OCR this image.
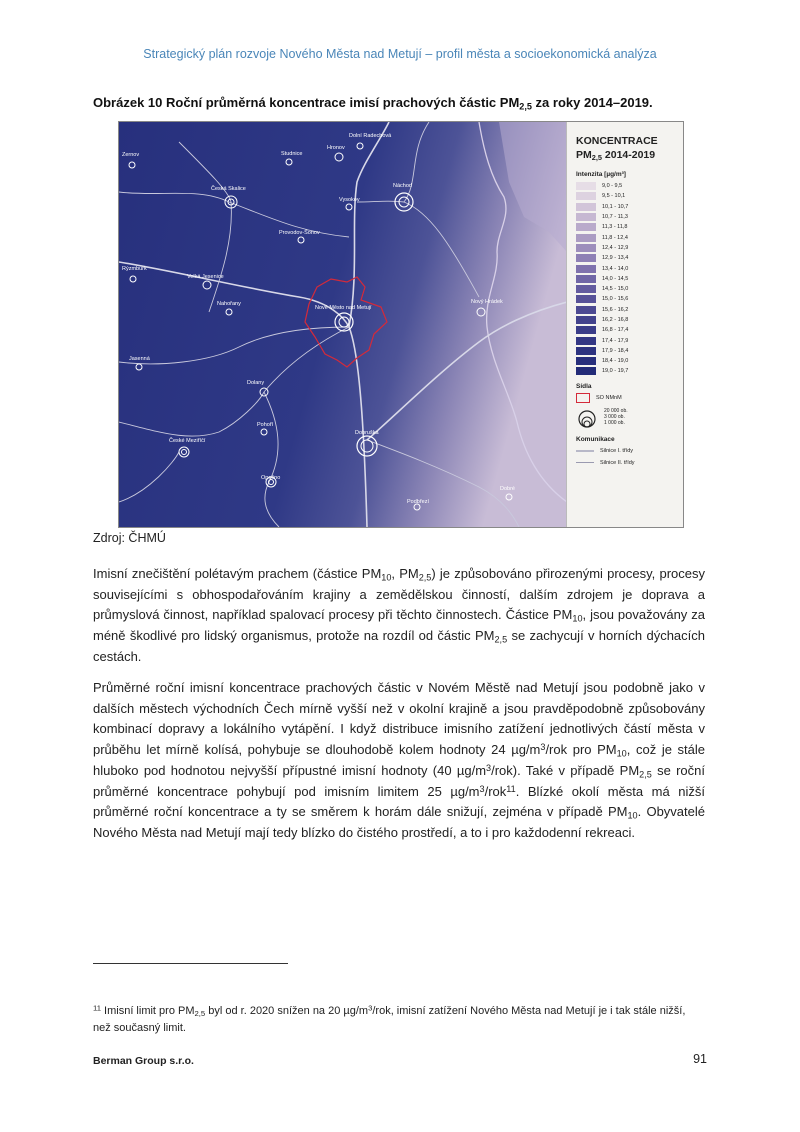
Strategický plán rozvoje Nového Města nad Metují – profil města a socioekonomická analýza
Obrázek 10 Roční průměrná koncentrace imisí prachových částic $PM_{2,5}$ za roky 2014–2019.
Dolní Radechová
Hronov
Zernov	Studnice
Česká Skalice	Náchod
Vysokov
Provodov-Šonov
Rýzmburk
Velká Jesenice
Nahořany
Nové Město nad Metují
Nový Hrádek
Jasenná
Dolany
Pohoří
Dobruška
České Meziříčí
Opočno
Dobré
Podbřezí
KONCENTRACE
$PM_{2,5}$ 2014-2019
Intenzita [µg/m³]
9,0 - 9,5
9,5 - 10,1
10,1 - 10,7
10,7 - 11,3
11,3 - 11,8
11,8 - 12,4
12,4 - 12,9
12,9 - 13,4
13,4 - 14,0
14,0 - 14,5
14,5 - 15,0
15,0 - 15,6
15,6 - 16,2
16,2 - 16,8
16,8 - 17,4
17,4 - 17,9
17,9 - 18,4
18,4 - 19,0
19,0 - 19,7
Sídla
SO NMnM
20 000 ob.
3 000 ob.
1 000 ob.
Komunikace
Silnice I. třídy
Silnice II. třídy
Zdroj: ČHMÚ

Imisní znečištění polétavým prachem (částice $PM_{10}$, $PM_{2,5}$) je způsobováno přirozenými procesy, procesy souvisejícími s obhospodařováním krajiny a zemědělskou činností, dalším zdrojem je doprava a průmyslová činnost, například spalovací procesy při těchto činnostech. Částice $PM_{10}$, jsou považovány za méně škodlivé pro lidský organismus, protože na rozdíl od částic $PM_{2,5}$ se zachycují v horních dýchacích cestách.

Průměrné roční imisní koncentrace prachových částic v Novém Městě nad Metují jsou podobně jako v dalších městech východních Čech mírně vyšší než v okolní krajině a jsou pravděpodobně způsobovány kombinací dopravy a lokálního vytápění. I když distribuce imisního zatížení jednotlivých částí města v průběhu let mírně kolísá, pohybuje se dlouhodobě kolem hodnoty 24 $\mu g/m^3$/rok pro $PM_{10}$, což je stále hluboko pod hodnotou nejvyšší přípustné imisní hodnoty (40 $\mu g/m^3/rok$). Také v případě $PM_{2,5}$ se roční průměrné koncentrace pohybují pod imisním limitem 25 $\mu g/m^3/rok^{11}$. Blízké okolí města má nižší průměrné roční koncentrace a ty se směrem k horám dále snižují, zejména v případě $PM_{10}$. Obyvatelé Nového Města nad Metují mají tedy blízko do čistého prostředí, a to i pro každodenní rekreaci.

$^{11}$ Imisní limit pro $PM_{2,5}$ byl od r. 2020 snížen na 20 $\mu g/m^3$/rok, imisní zatížení Nového Města nad Metují je i tak stále nižší, než současný limit.
Berman Group s.r.o.	91
